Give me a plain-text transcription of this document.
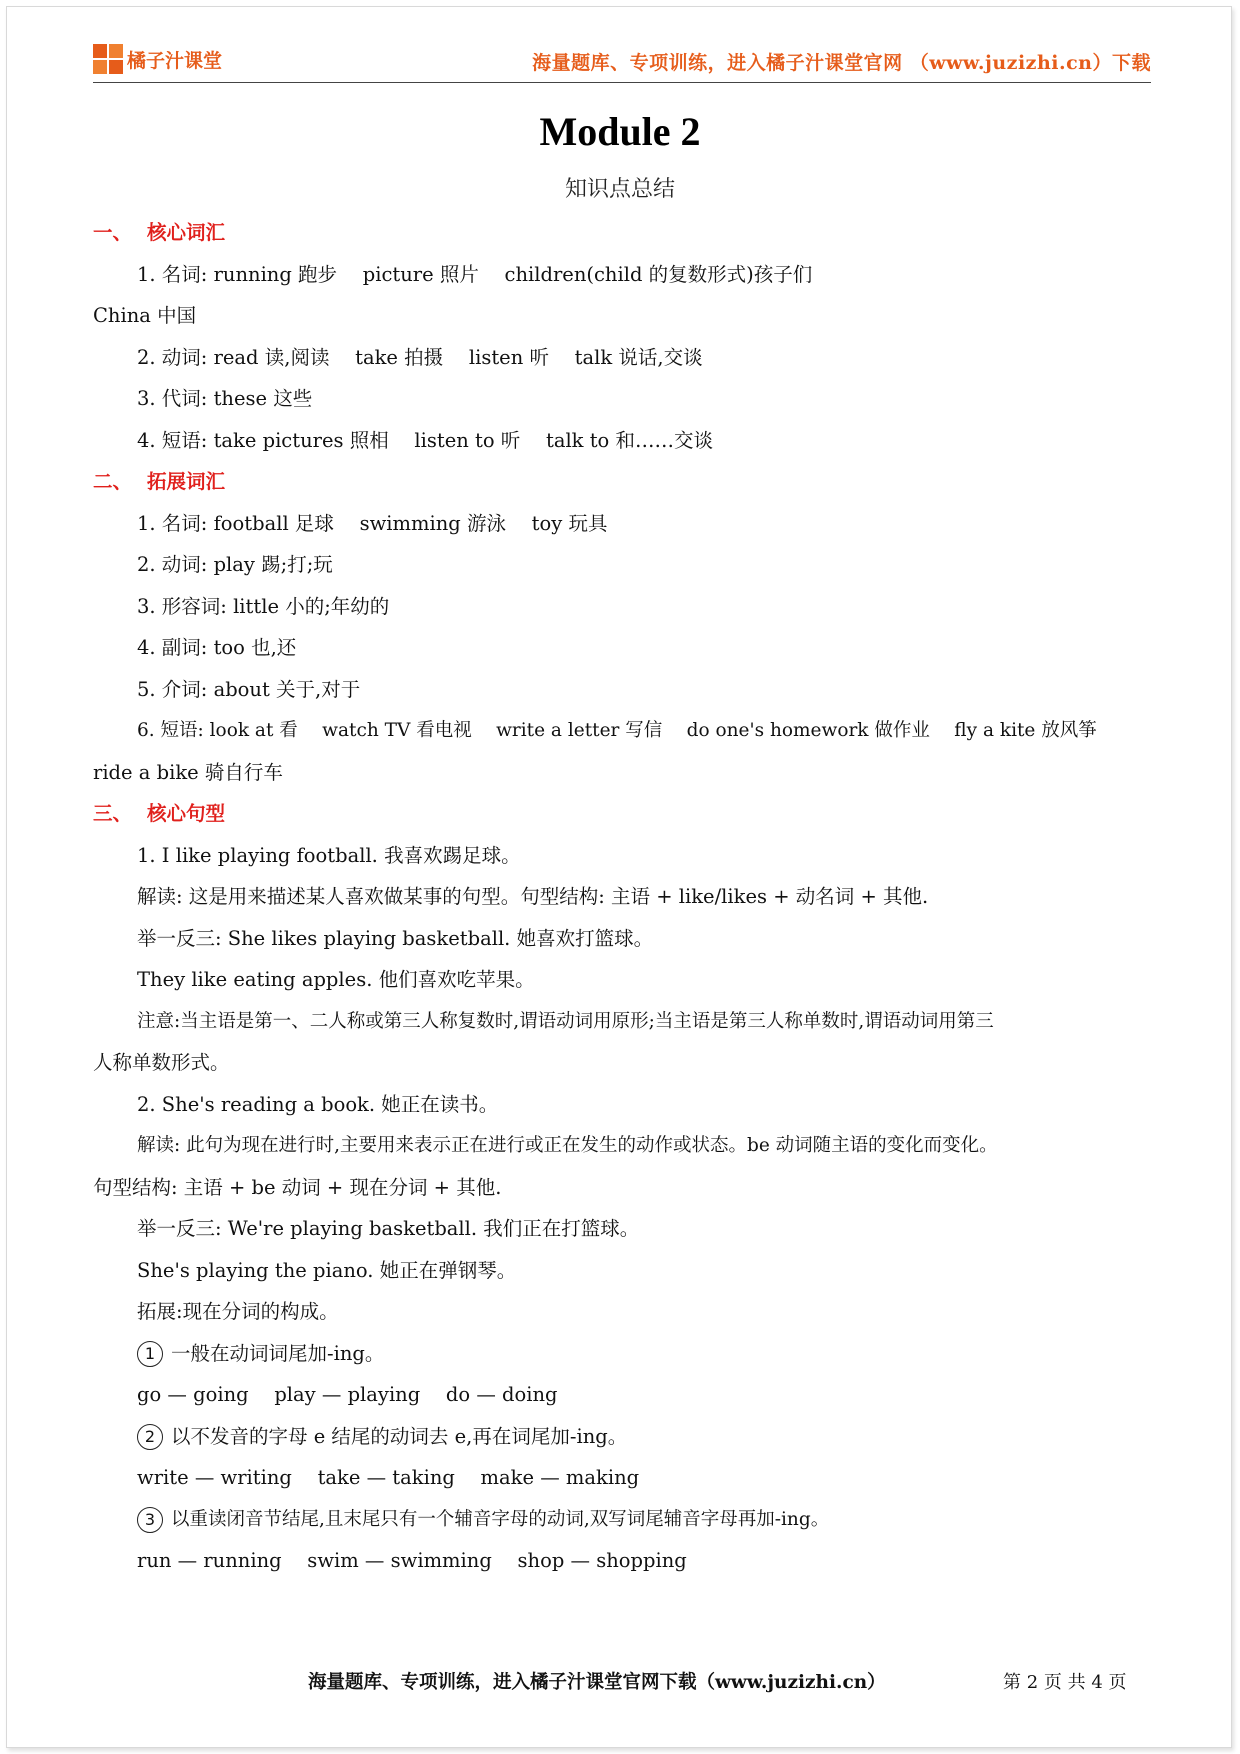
橘子汁课堂	海量题库、专项训练，进入橘子汁课堂官网 （www.juzizhi.cn）下载
Module 2
知识点总结
一、 核心词汇
1. 名词: running 跑步　 picture 照片　 children(child 的复数形式)孩子们
China 中国
2. 动词: read 读,阅读　 take 拍摄　 listen 听　 talk 说话,交谈
3. 代词: these 这些
4. 短语: take pictures 照相　 listen to 听　 talk to 和……交谈
二、 拓展词汇
1. 名词: football 足球　 swimming 游泳　 toy 玩具
2. 动词: play 踢;打;玩
3. 形容词: little 小的;年幼的
4. 副词: too 也,还
5. 介词: about 关于,对于
6. 短语: look at 看　 watch TV 看电视　 write a letter 写信　 do one's homework 做作业　 fly a kite 放风筝
ride a bike 骑自行车
三、 核心句型
1. I like playing football. 我喜欢踢足球。
解读: 这是用来描述某人喜欢做某事的句型。句型结构: 主语 + like/likes + 动名词 + 其他.
举一反三: She likes playing basketball. 她喜欢打篮球。
They like eating apples. 他们喜欢吃苹果。
注意:当主语是第一、二人称或第三人称复数时,谓语动词用原形;当主语是第三人称单数时,谓语动词用第三
人称单数形式。
2. She's reading a book. 她正在读书。
解读: 此句为现在进行时,主要用来表示正在进行或正在发生的动作或状态。be 动词随主语的变化而变化。
句型结构: 主语 + be 动词 + 现在分词 + 其他.
举一反三: We're playing basketball. 我们正在打篮球。
She's playing the piano. 她正在弹钢琴。
拓展:现在分词的构成。
1 一般在动词词尾加-ing。
go — going　 play — playing　 do — doing
2 以不发音的字母 e 结尾的动词去 e,再在词尾加-ing。
write — writing　 take — taking　 make — making
3 以重读闭音节结尾,且末尾只有一个辅音字母的动词,双写词尾辅音字母再加-ing。
run — running　 swim — swimming　 shop — shopping
海量题库、专项训练，进入橘子汁课堂官网下载（www.juzizhi.cn）	第 2 页 共 4 页
